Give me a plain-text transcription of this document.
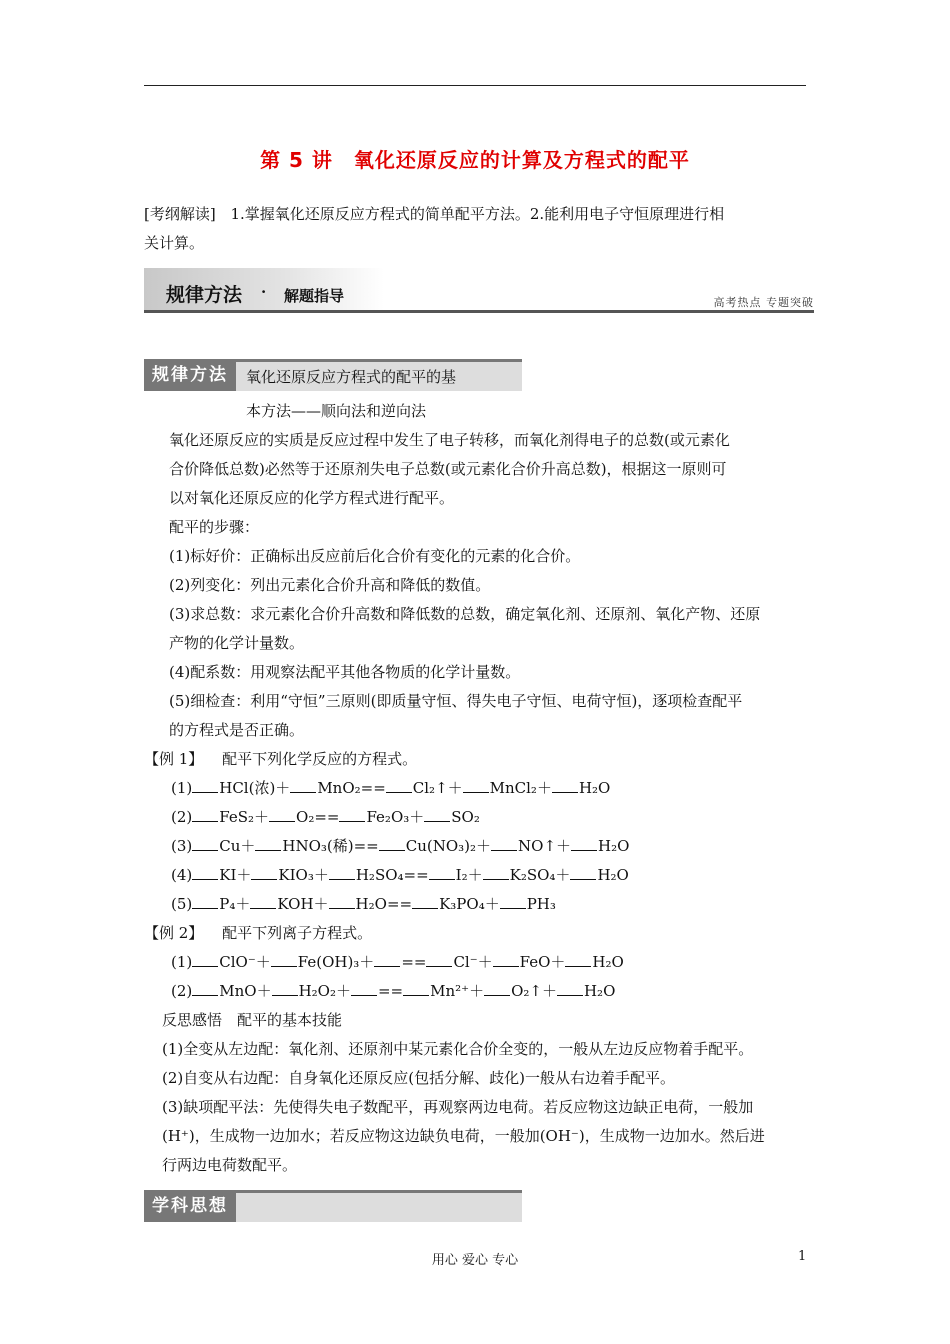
第 5 讲　氧化还原反应的计算及方程式的配平
[考纲解读] 1.掌握氧化还原反应方程式的简单配平方法。2.能利用电子守恒原理进行相
关计算。
规律方法 · 解题指导	高考热点 专题突破
规律方法	氧化还原反应方程式的配平的基
本方法——顺向法和逆向法
氧化还原反应的实质是反应过程中发生了电子转移，而氧化剂得电子的总数(或元素化
合价降低总数)必然等于还原剂失电子总数(或元素化合价升高总数)，根据这一原则可
以对氧化还原反应的化学方程式进行配平。
配平的步骤：
(1)标好价：正确标出反应前后化合价有变化的元素的化合价。
(2)列变化：列出元素化合价升高和降低的数值。
(3)求总数：求元素化合价升高数和降低数的总数，确定氧化剂、还原剂、氧化产物、还原
产物的化学计量数。
(4)配系数：用观察法配平其他各物质的化学计量数。
(5)细检查：利用“守恒”三原则(即质量守恒、得失电子守恒、电荷守恒)，逐项检查配平
的方程式是否正确。
【例 1】 配平下列化学反应的方程式。
(1) HCl(浓)＋ MnO₂== Cl₂↑＋ MnCl₂＋ H₂O
(2) FeS₂＋ O₂== Fe₂O₃＋ SO₂
(3) Cu＋ HNO₃(稀)== Cu(NO₃)₂＋ NO↑＋ H₂O
(4) KI＋ KIO₃＋ H₂SO₄== I₂＋ K₂SO₄＋ H₂O
(5) P₄＋ KOH＋ H₂O== K₃PO₄＋ PH₃
【例 2】 配平下列离子方程式。
(1) ClO⁻＋ Fe(OH)₃＋ == Cl⁻＋ FeO＋ H₂O
(2) MnO＋ H₂O₂＋ == Mn²⁺＋ O₂↑＋ H₂O
反思感悟　配平的基本技能
(1)全变从左边配：氧化剂、还原剂中某元素化合价全变的，一般从左边反应物着手配平。
(2)自变从右边配：自身氧化还原反应(包括分解、歧化)一般从右边着手配平。
(3)缺项配平法：先使得失电子数配平，再观察两边电荷。若反应物这边缺正电荷，一般加
(H⁺)，生成物一边加水；若反应物这边缺负电荷，一般加(OH⁻)，生成物一边加水。然后进
行两边电荷数配平。
学科思想
用心 爱心 专心	1
